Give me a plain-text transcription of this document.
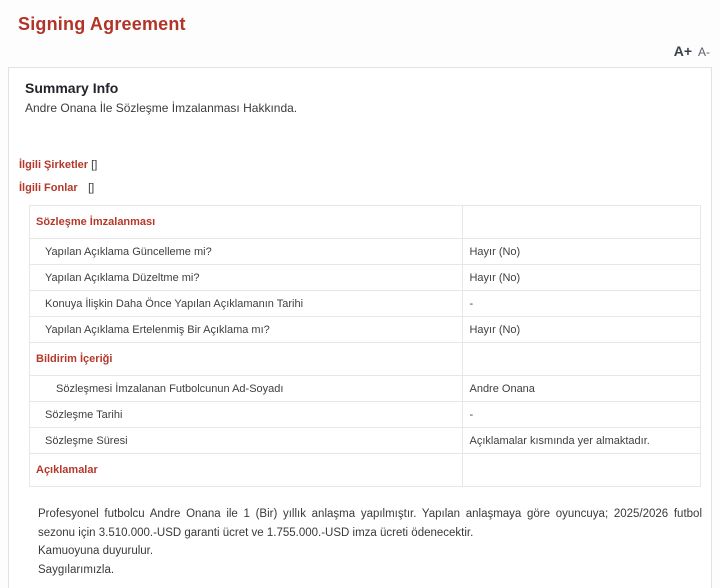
Signing Agreement
A+ A-
Summary Info
Andre Onana İle Sözleşme İmzalanması Hakkında.
İlgili Şirketler []
İlgili Fonlar []
Sözleşme İmzalanması
Yapılan Açıklama Güncelleme mi?	Hayır (No)
Yapılan Açıklama Düzeltme mi?	Hayır (No)
Konuya İlişkin Daha Önce Yapılan Açıklamanın Tarihi	-
Yapılan Açıklama Ertelenmiş Bir Açıklama mı?	Hayır (No)
Bildirim İçeriği
Sözleşmesi İmzalanan Futbolcunun Ad-Soyadı	Andre Onana
Sözleşme Tarihi	-
Sözleşme Süresi	Açıklamalar kısmında yer almaktadır.
Açıklamalar

Profesyonel futbolcu Andre Onana ile 1 (Bir) yıllık anlaşma yapılmıştır. Yapılan anlaşmaya göre oyuncuya; 2025/2026 futbol sezonu için 3.510.000.-USD garanti ücret ve 1.755.000.-USD imza ücreti ödenecektir.

Kamuoyuna duyurulur.

Saygılarımızla.
